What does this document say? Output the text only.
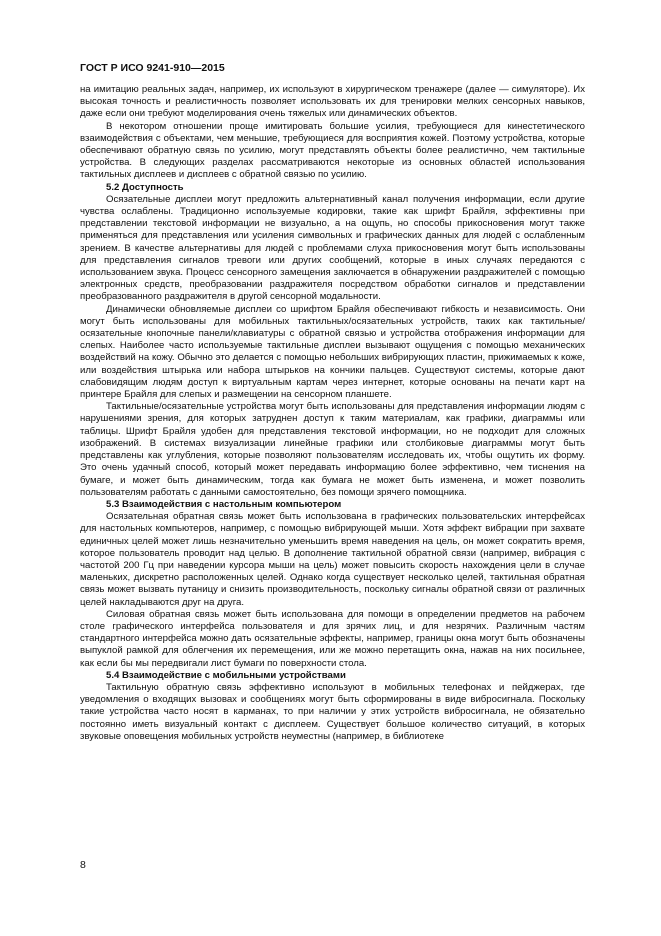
ГОСТ Р ИСО 9241-910—2015

на имитацию реальных задач, например, их используют в хирургическом тренажере (далее — симуляторе). Их высокая точность и реалистичность позволяет использовать их для тренировки мелких сенсорных навыков, даже если они требуют моделирования очень тяжелых или динамических объектов.

В некотором отношении проще имитировать большие усилия, требующиеся для кинестетического взаимодействия с объектами, чем меньшие, требующиеся для восприятия кожей. Поэтому устройства, которые обеспечивают обратную связь по усилию, могут представлять объекты более реалистично, чем тактильные устройства. В следующих разделах рассматриваются некоторые из основных областей использования тактильных дисплеев и дисплеев с обратной связью по усилию.

5.2 Доступность

Осязательные дисплеи могут предложить альтернативный канал получения информации, если другие чувства ослаблены. Традиционно используемые кодировки, такие как шрифт Брайля, эффективны при представлении текстовой информации не визуально, а на ощупь, но способы прикосновения могут также применяться для представления или усиления символьных и графических данных для людей с ослабленным зрением. В качестве альтернативы для людей с проблемами слуха прикосновения могут быть использованы для представления сигналов тревоги или других сообщений, которые в иных случаях передаются с использованием звука. Процесс сенсорного замещения заключается в обнаружении раздражителей с помощью электронных средств, преобразовании раздражителя посредством обработки сигналов и представлении преобразованного раздражителя в другой сенсорной модальности.

Динамически обновляемые дисплеи со шрифтом Брайля обеспечивают гибкость и независимость. Они могут быть использованы для мобильных тактильных/осязательных устройств, таких как тактильные/осязательные кнопочные панели/клавиатуры с обратной связью и устройства отображения информации для слепых. Наиболее часто используемые тактильные дисплеи вызывают ощущения с помощью механических воздействий на кожу. Обычно это делается с помощью небольших вибрирующих пластин, прижимаемых к коже, или воздействия штырька или набора штырьков на кончики пальцев. Существуют системы, которые дают слабовидящим людям доступ к виртуальным картам через интернет, которые основаны на печати карт на принтере Брайля для слепых и размещении на сенсорном планшете.

Тактильные/осязательные устройства могут быть использованы для представления информации людям с нарушениями зрения, для которых затруднен доступ к таким материалам, как графики, диаграммы или таблицы. Шрифт Брайля удобен для представления текстовой информации, но не подходит для сложных изображений. В системах визуализации линейные графики или столбиковые диаграммы могут быть представлены как углубления, которые позволяют пользователям исследовать их, чтобы ощутить их форму. Это очень удачный способ, который может передавать информацию более эффективно, чем тиснения на бумаге, и может быть динамическим, тогда как бумага не может быть изменена, и может позволить пользователям работать с данными самостоятельно, без помощи зрячего помощника.

5.3 Взаимодействия с настольным компьютером

Осязательная обратная связь может быть использована в графических пользовательских интерфейсах для настольных компьютеров, например, с помощью вибрирующей мыши. Хотя эффект вибрации при захвате единичных целей может лишь незначительно уменьшить время наведения на цель, он может сократить время, которое пользователь проводит над целью. В дополнение тактильной обратной связи (например, вибрация с частотой 200 Гц при наведении курсора мыши на цель) может повысить скорость нахождения цели в случае маленьких, дискретно расположенных целей. Однако когда существует несколько целей, тактильная обратная связь может вызвать путаницу и снизить производительность, поскольку сигналы обратной связи от различных целей накладываются друг на друга.

Силовая обратная связь может быть использована для помощи в определении предметов на рабочем столе графического интерфейса пользователя и для зрячих лиц, и для незрячих. Различным частям стандартного интерфейса можно дать осязательные эффекты, например, границы окна могут быть обозначены выпуклой рамкой для облегчения их перемещения, или же можно перетащить окна, нажав на них посильнее, как если бы мы передвигали лист бумаги по поверхности стола.

5.4 Взаимодействие с мобильными устройствами

Тактильную обратную связь эффективно используют в мобильных телефонах и пейджерах, где уведомления о входящих вызовах и сообщениях могут быть сформированы в виде вибросигнала. Поскольку такие устройства часто носят в карманах, то при наличии у этих устройств вибросигнала, не обязательно постоянно иметь визуальный контакт с дисплеем. Существует большое количество ситуаций, в которых звуковые оповещения мобильных устройств неуместны (например, в библиотеке

8
